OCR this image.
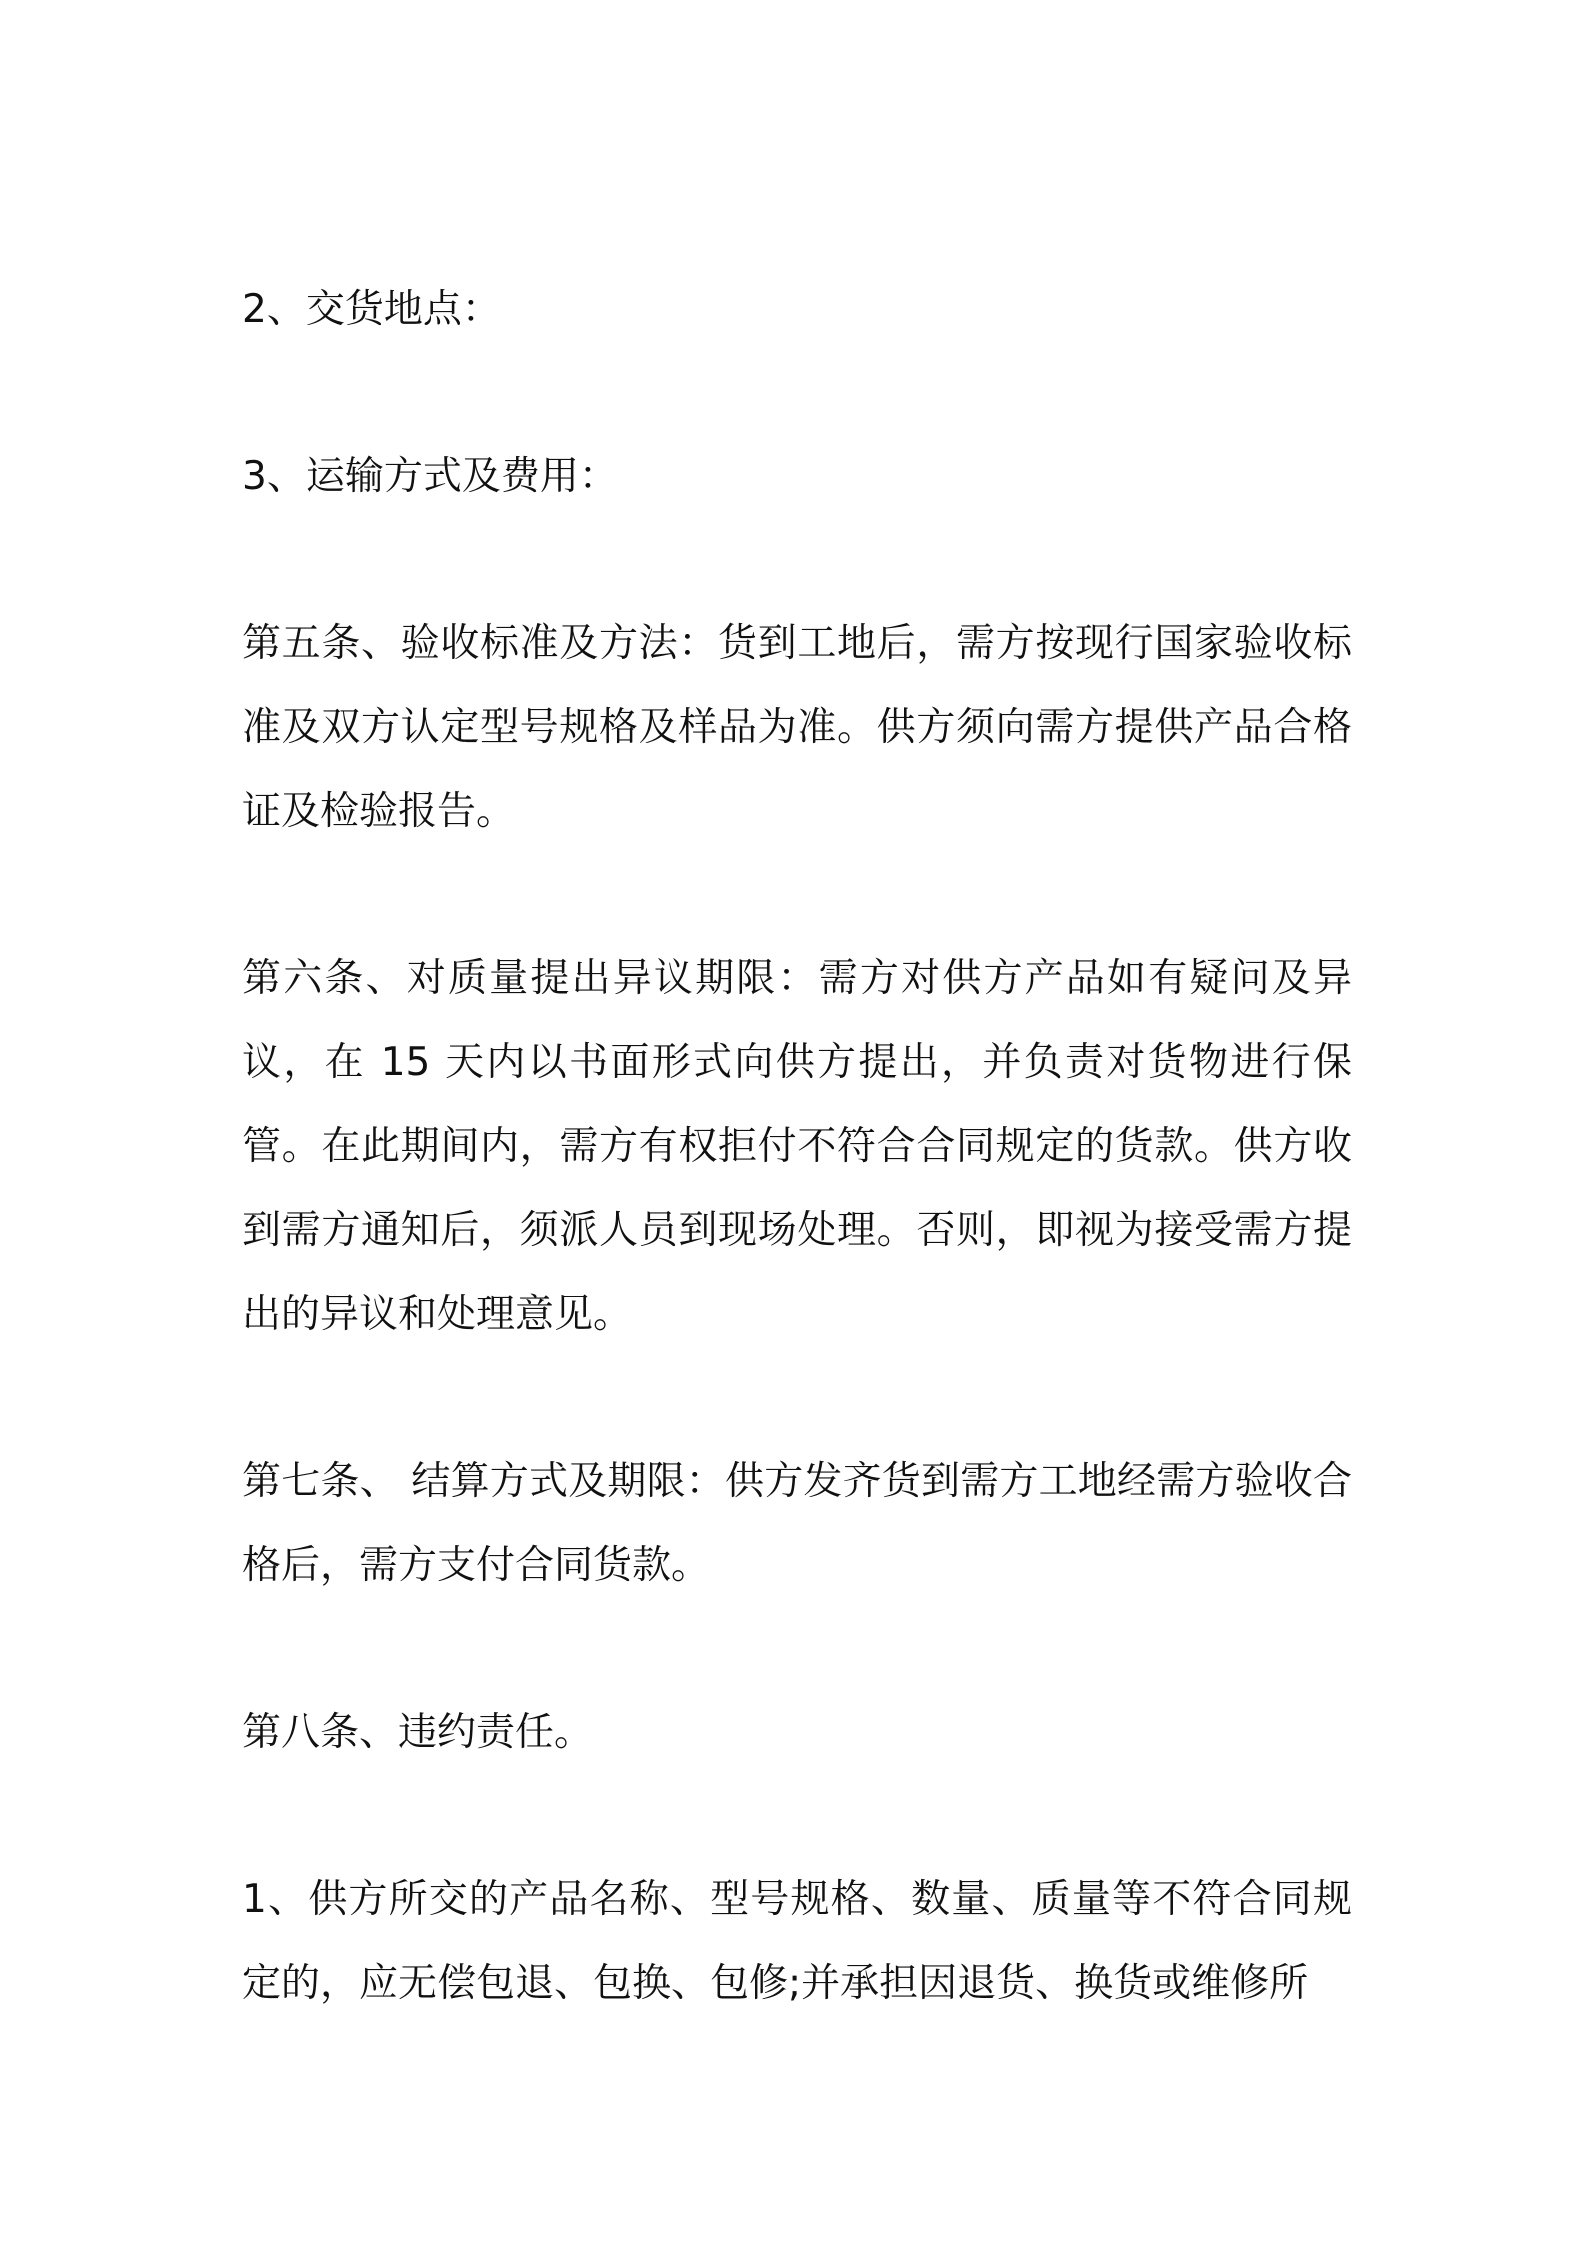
2、交货地点：

3、运输方式及费用：

第五条、验收标准及方法：货到工地后，需方按现行国家验收标准及双方认定型号规格及样品为准。供方须向需方提供产品合格证及检验报告。

第六条、对质量提出异议期限：需方对供方产品如有疑问及异议，在 15 天内以书面形式向供方提出，并负责对货物进行保管。在此期间内，需方有权拒付不符合合同规定的货款。供方收到需方通知后，须派人员到现场处理。否则，即视为接受需方提出的异议和处理意见。

第七条、 结算方式及期限：供方发齐货到需方工地经需方验收合格后，需方支付合同货款。

第八条、违约责任。

1、供方所交的产品名称、型号规格、数量、质量等不符合同规定的，应无偿包退、包换、包修;并承担因退货、换货或维修所
